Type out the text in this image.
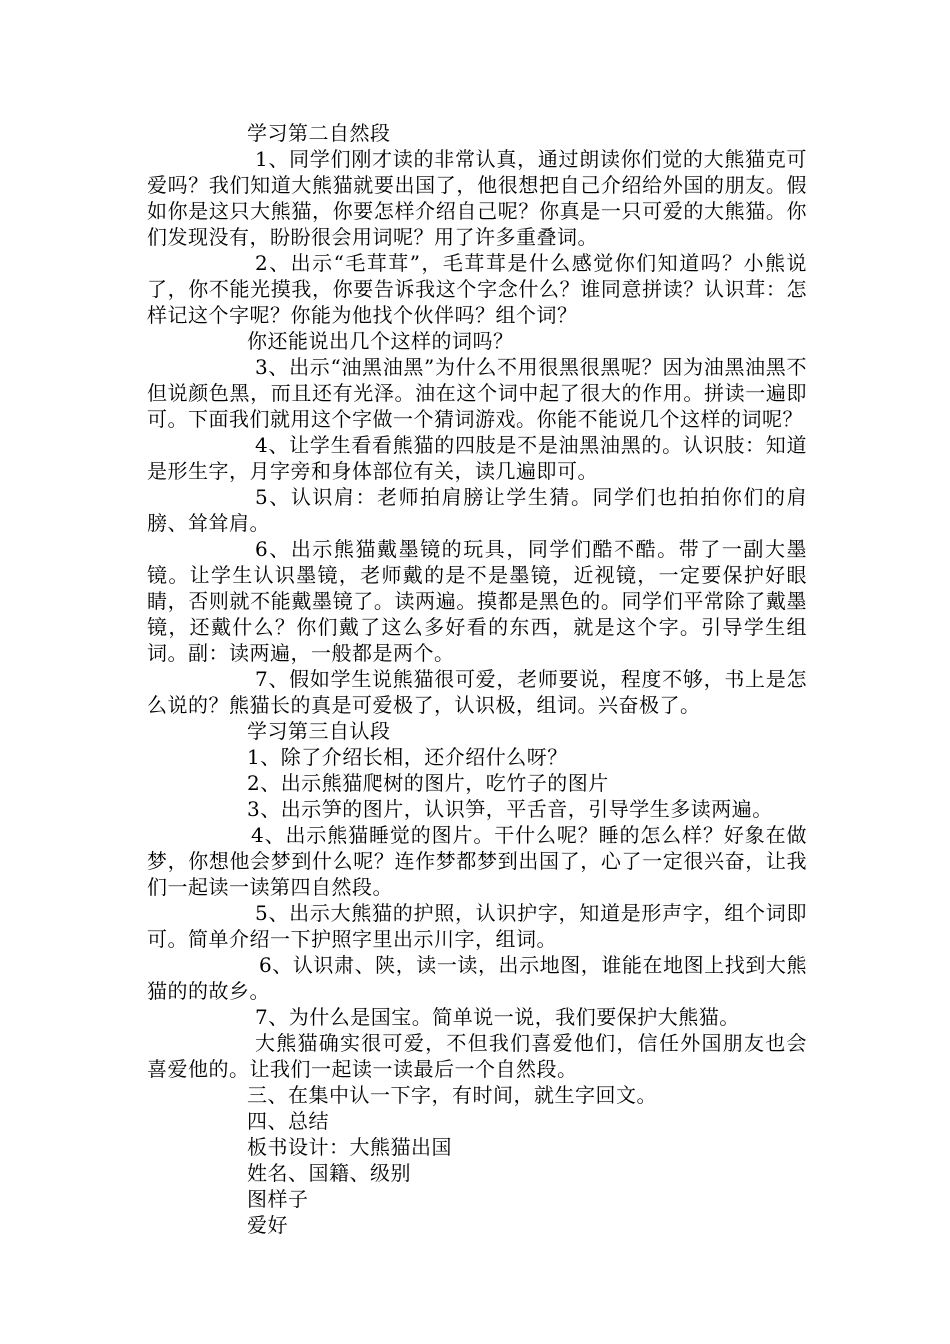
学习第二自然段

1、同学们刚才读的非常认真，通过朗读你们觉的大熊猫克可爱吗？我们知道大熊猫就要出国了，他很想把自己介绍给外国的朋友。假如你是这只大熊猫，你要怎样介绍自己呢？你真是一只可爱的大熊猫。你们发现没有，盼盼很会用词呢？用了许多重叠词。

2、出示“毛茸茸”，毛茸茸是什么感觉你们知道吗？小熊说了，你不能光摸我，你要告诉我这个字念什么？谁同意拼读？认识茸：怎样记这个字呢？你能为他找个伙伴吗？组个词？

你还能说出几个这样的词吗？

3、出示“油黑油黑”为什么不用很黑很黑呢？因为油黑油黑不但说颜色黑，而且还有光泽。油在这个词中起了很大的作用。拼读一遍即可。下面我们就用这个字做一个猜词游戏。你能不能说几个这样的词呢？

4、让学生看看熊猫的四肢是不是油黑油黑的。认识肢：知道是形生字，月字旁和身体部位有关，读几遍即可。

5、认识肩：老师拍肩膀让学生猜。同学们也拍拍你们的肩膀、耸耸肩。

6、出示熊猫戴墨镜的玩具，同学们酷不酷。带了一副大墨镜。让学生认识墨镜，老师戴的是不是墨镜，近视镜，一定要保护好眼睛，否则就不能戴墨镜了。读两遍。摸都是黑色的。同学们平常除了戴墨镜，还戴什么？你们戴了这么多好看的东西，就是这个字。引导学生组词。副：读两遍，一般都是两个。

7、假如学生说熊猫很可爱，老师要说，程度不够，书上是怎么说的？熊猫长的真是可爱极了，认识极，组词。兴奋极了。

学习第三自认段

1、除了介绍长相，还介绍什么呀？

2、出示熊猫爬树的图片，吃竹子的图片

3、出示笋的图片，认识笋，平舌音，引导学生多读两遍。

4、出示熊猫睡觉的图片。干什么呢？睡的怎么样？好象在做梦，你想他会梦到什么呢？连作梦都梦到出国了，心了一定很兴奋，让我们一起读一读第四自然段。

5、出示大熊猫的护照，认识护字，知道是形声字，组个词即可。简单介绍一下护照字里出示川字，组词。

6、认识肃、陕，读一读，出示地图，谁能在地图上找到大熊猫的的故乡。

7、为什么是国宝。简单说一说，我们要保护大熊猫。

大熊猫确实很可爱，不但我们喜爱他们，信任外国朋友也会喜爱他的。让我们一起读一读最后一个自然段。

三、在集中认一下字，有时间，就生字回文。

四、总结

板书设计：大熊猫出国

姓名、国籍、级别

图样子

爱好
